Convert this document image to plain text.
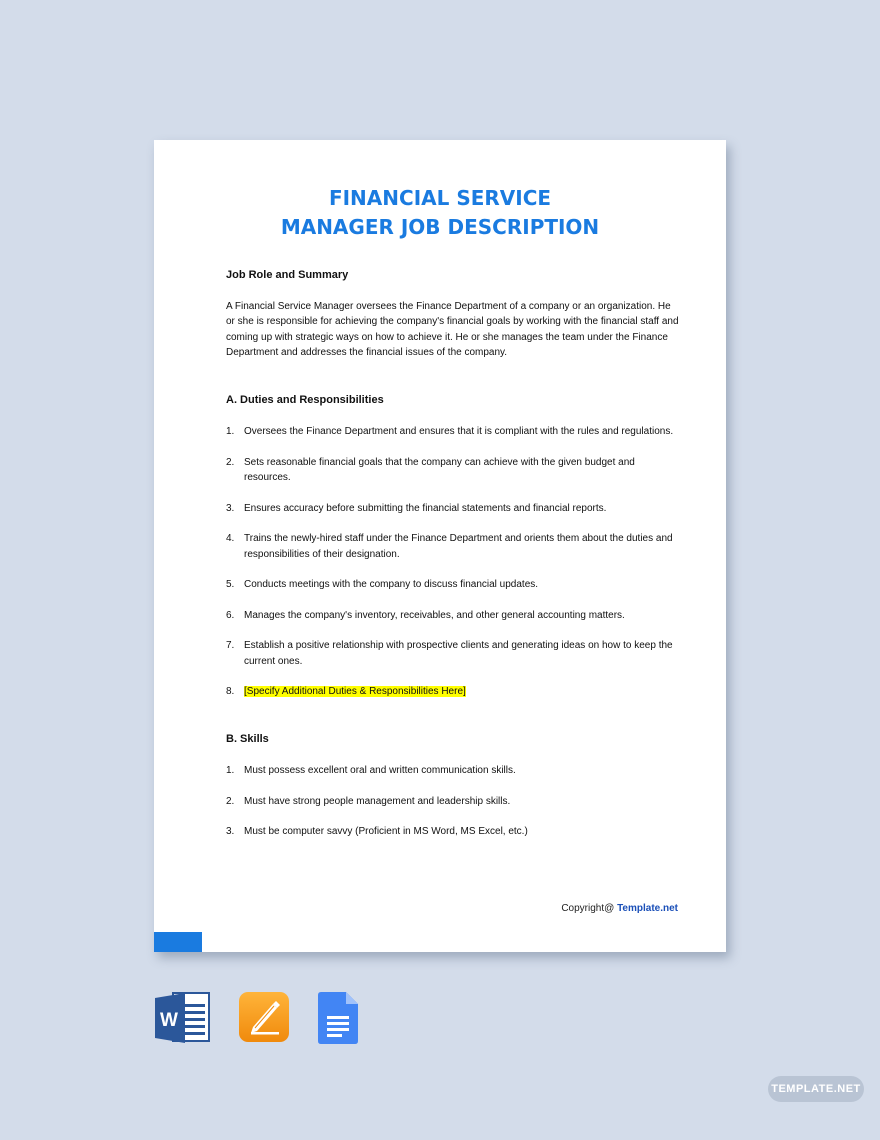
FINANCIAL SERVICE
MANAGER JOB DESCRIPTION
Job Role and Summary
A Financial Service Manager oversees the Finance Department of a company or an organization. He or she is responsible for achieving the company's financial goals by working with the financial staff and coming up with strategic ways on how to achieve it. He or she manages the team under the Finance Department and addresses the financial issues of the company.
A. Duties and Responsibilities
1. Oversees the Finance Department and ensures that it is compliant with the rules and regulations.
2. Sets reasonable financial goals that the company can achieve with the given budget and resources.
3. Ensures accuracy before submitting the financial statements and financial reports.
4. Trains the newly-hired staff under the Finance Department and orients them about the duties and responsibilities of their designation.
5. Conducts meetings with the company to discuss financial updates.
6. Manages the company's inventory, receivables, and other general accounting matters.
7. Establish a positive relationship with prospective clients and generating ideas on how to keep the current ones.
8. [Specify Additional Duties & Responsibilities Here]
B. Skills
1. Must possess excellent oral and written communication skills.
2. Must have strong people management and leadership skills.
3. Must be computer savvy (Proficient in MS Word, MS Excel, etc.)
Copyright@ Template.net
W
TEMPLATE.NET
